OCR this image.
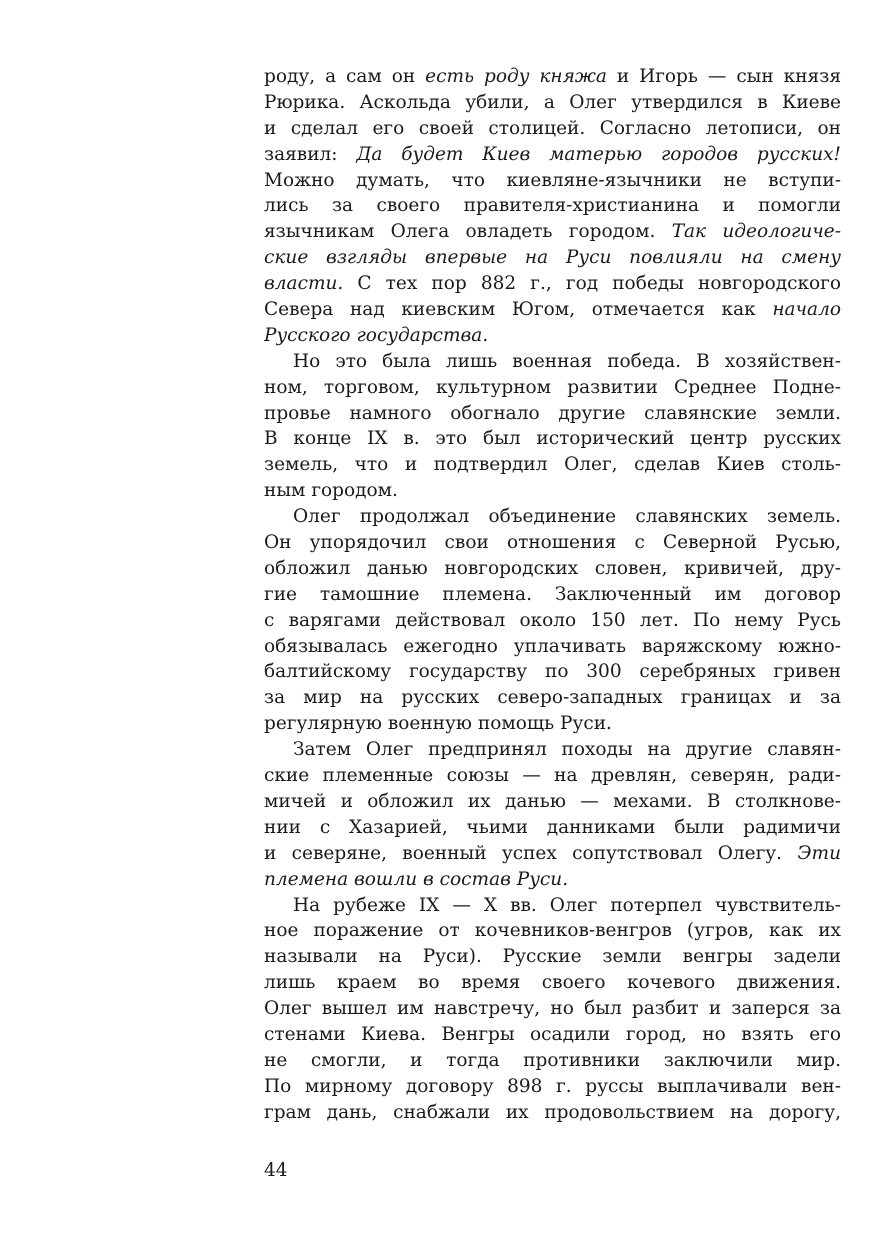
роду, а сам он есть роду княжа и Игорь — сын князя
Рюрика. Аскольда убили, а Олег утвердился в Киеве
и сделал его своей столицей. Согласно летописи, он
заявил: Да будет Киев матерью городов русских!
Можно думать, что киевляне-язычники не вступи-
лись за своего правителя-христианина и помогли
язычникам Олега овладеть городом. Так идеологиче-
ские взгляды впервые на Руси повлияли на смену
власти. С тех пор 882 г., год победы новгородского
Севера над киевским Югом, отмечается как начало
Русского государства.
Но это была лишь военная победа. В хозяйствен-
ном, торговом, культурном развитии Среднее Подне-
провье намного обогнало другие славянские земли.
В конце IX в. это был исторический центр русских
земель, что и подтвердил Олег, сделав Киев столь-
ным городом.
Олег продолжал объединение славянских земель.
Он упорядочил свои отношения с Северной Русью,
обложил данью новгородских словен, кривичей, дру-
гие тамошние племена. Заключенный им договор
с варягами действовал около 150 лет. По нему Русь
обязывалась ежегодно уплачивать варяжскому южно-
балтийскому государству по 300 серебряных гривен
за мир на русских северо-западных границах и за
регулярную военную помощь Руси.
Затем Олег предпринял походы на другие славян-
ские племенные союзы — на древлян, северян, ради-
мичей и обложил их данью — мехами. В столкнове-
нии с Хазарией, чьими данниками были радимичи
и северяне, военный успех сопутствовал Олегу. Эти
племена вошли в состав Руси.
На рубеже IX — X вв. Олег потерпел чувствитель-
ное поражение от кочевников-венгров (угров, как их
называли на Руси). Русские земли венгры задели
лишь краем во время своего кочевого движения.
Олег вышел им навстречу, но был разбит и заперся за
стенами Киева. Венгры осадили город, но взять его
не смогли, и тогда противники заключили мир.
По мирному договору 898 г. руссы выплачивали вен-
грам дань, снабжали их продовольствием на дорогу,
44
